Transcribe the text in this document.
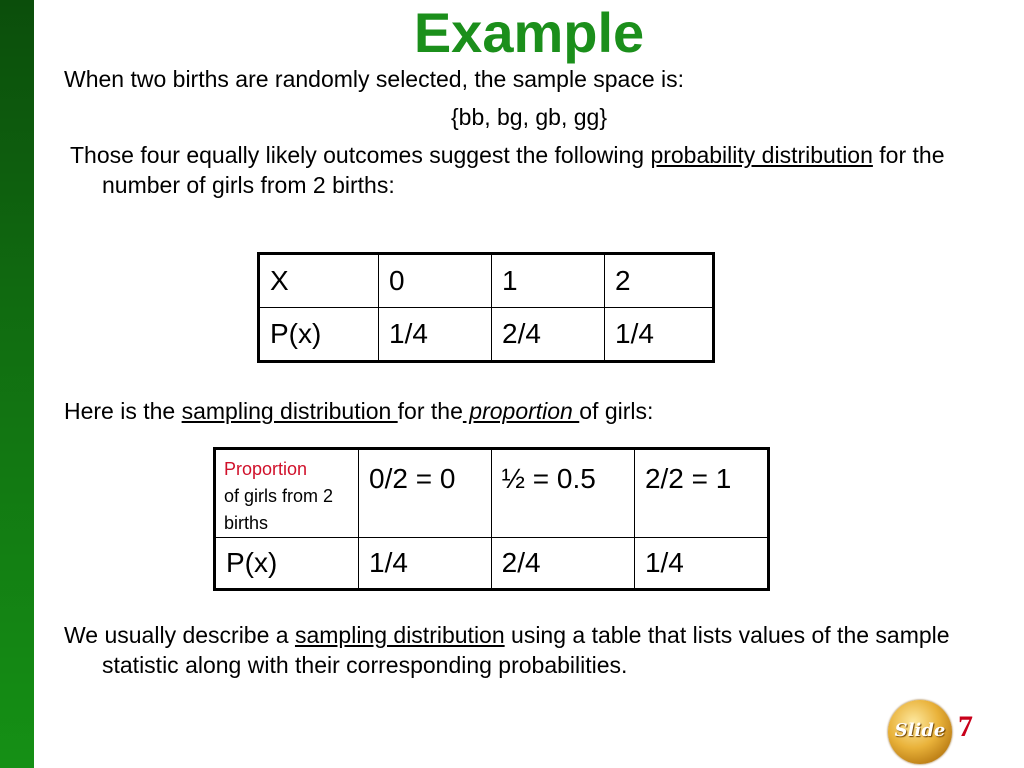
Example

When two births are randomly selected, the sample space is:

{bb, bg, gb, gg}

Those four equally likely outcomes suggest the following probability distribution for the number of girls from 2 births:

X	0	1	2
P(x)	1/4	2/4	1/4

Here is the sampling distribution for the proportion of girls:

Proportion
of girls from 2 births	0/2 = 0	½ = 0.5	2/2 = 1
P(x)	1/4	2/4	1/4

We usually describe a sampling distribution using a table that lists values of the sample statistic along with their corresponding probabilities.

Slide 7
